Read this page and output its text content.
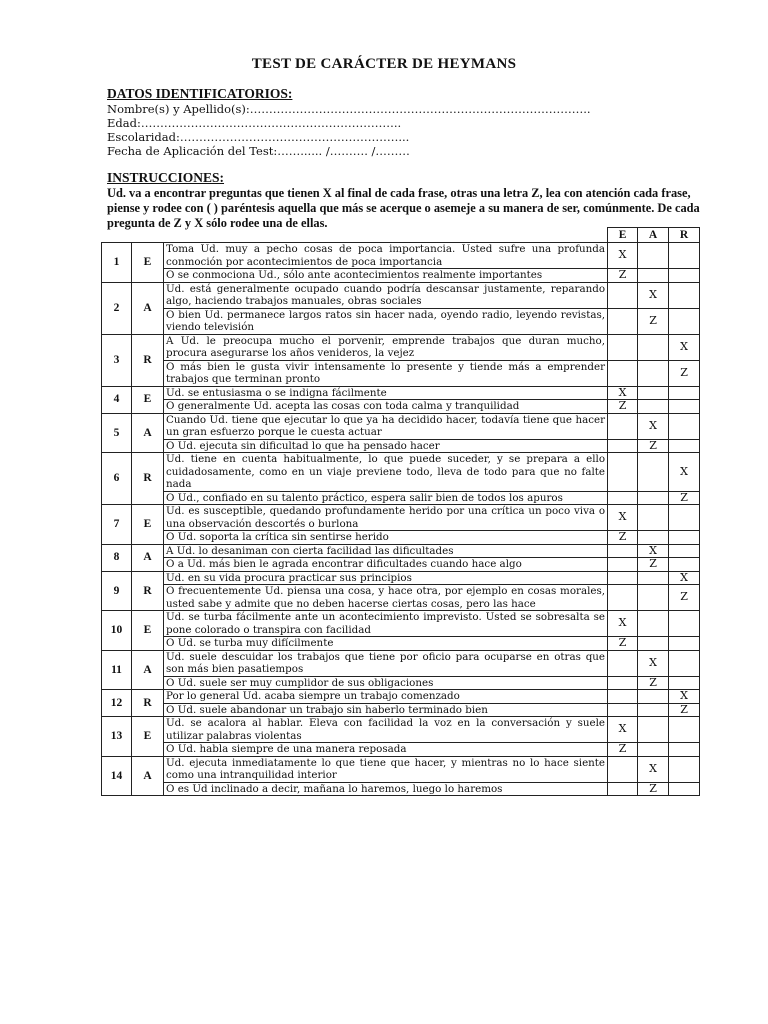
TEST DE CARÁCTER DE HEYMANS
DATOS IDENTIFICATORIOS:
Nombre(s) y Apellido(s):……………………………………………………………………………..
Edad:…………………………………………………………..
Escolaridad:…………………………………………………...
Fecha de Aplicación del Test:……...... /………. /………
INSTRUCCIONES:
Ud. va a encontrar preguntas que tienen X al final de cada frase, otras una letra Z, lea con atención cada frase, piense y rodee con ( ) paréntesis aquella que más se acerque o asemeje a su manera de ser, comúnmente. De cada pregunta de Z y X sólo rodee una de ellas.
			E	A	R
1	E	Toma Ud. muy a pecho cosas de poca importancia. Usted sufre una profunda conmoción por acontecimientos de poca importancia	X		
		O se conmociona Ud., sólo ante acontecimientos realmente importantes	Z		
2	A	Ud. está generalmente ocupado cuando podría descansar justamente, reparando algo, haciendo trabajos manuales, obras sociales		X	
		O bien Ud. permanece largos ratos sin hacer nada, oyendo radio, leyendo revistas, viendo televisión		Z	
3	R	A Ud. le preocupa mucho el porvenir, emprende trabajos que duran mucho, procura asegurarse los años venideros, la vejez			X
		O más bien le gusta vivir intensamente lo presente y tiende más a emprender trabajos que terminan pronto			Z
4	E	Ud. se entusiasma o se indigna fácilmente	X		
		O generalmente Ud. acepta las cosas con toda calma y tranquilidad	Z		
5	A	Cuando Ud. tiene que ejecutar lo que ya ha decidido hacer, todavía tiene que hacer un gran esfuerzo porque le cuesta actuar		X	
		O Ud. ejecuta sin dificultad lo que ha pensado hacer		Z	
6	R	Ud. tiene en cuenta habitualmente, lo que puede suceder, y se prepara a ello cuidadosamente, como en un viaje previene todo, lleva de todo para que no falte nada			X
		O Ud., confiado en su talento práctico, espera salir bien de todos los apuros			Z
7	E	Ud. es susceptible, quedando profundamente herido por una crítica un poco viva o una observación descortés o burlona	X		
		O Ud. soporta la crítica sin sentirse herido	Z		
8	A	A Ud. lo desaniman con cierta facilidad las dificultades		X	
		O a Ud. más bien le agrada encontrar dificultades cuando hace algo		Z	
9	R	Ud. en su vida procura practicar sus principios			X
		O frecuentemente Ud. piensa una cosa, y hace otra, por ejemplo en cosas morales, usted sabe y admite que no deben hacerse ciertas cosas, pero las hace			Z
10	E	Ud. se turba fácilmente ante un acontecimiento imprevisto. Usted se sobresalta se pone colorado o transpira con facilidad	X		
		O Ud. se turba muy difícilmente	Z		
11	A	Ud. suele descuidar los trabajos que tiene por oficio para ocuparse en otras que son más bien pasatiempos		X	
		O Ud. suele ser muy cumplidor de sus obligaciones		Z	
12	R	Por lo general Ud. acaba siempre un trabajo comenzado			X
		O Ud. suele abandonar un trabajo sin haberlo terminado bien			Z
13	E	Ud. se acalora al hablar. Eleva con facilidad la voz en la conversación y suele utilizar palabras violentas	X		
		O Ud. habla siempre de una manera reposada	Z		
14	A	Ud. ejecuta inmediatamente lo que tiene que hacer, y mientras no lo hace siente como una intranquilidad interior		X	
		O es Ud inclinado a decir, mañana lo haremos, luego lo haremos		Z	
